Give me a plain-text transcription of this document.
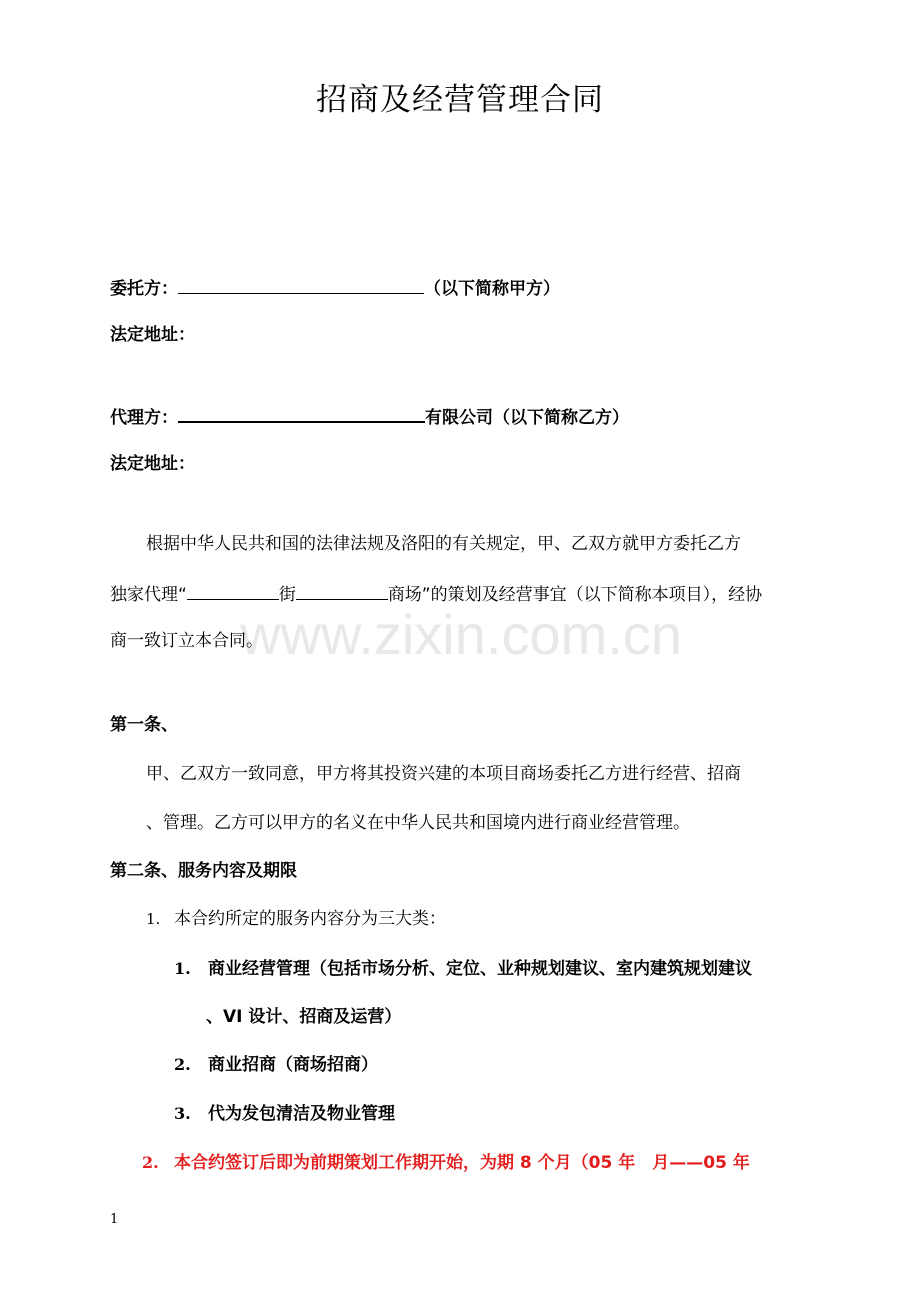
招商及经营管理合同
委托方：	（以下简称甲方）
法定地址：
代理方：	有限公司（以下简称乙方）
法定地址：
www.zixin.com.cn
根据中华人民共和国的法律法规及洛阳的有关规定，甲、乙双方就甲方委托乙方
独家代理“	街	商场”的策划及经营事宜（以下简称本项目），经协
商一致订立本合同。
第一条、
甲、乙双方一致同意，甲方将其投资兴建的本项目商场委托乙方进行经营、招商
、管理。乙方可以甲方的名义在中华人民共和国境内进行商业经营管理。
第二条、服务内容及期限
1. 本合约所定的服务内容分为三大类：
1. 商业经营管理（包括市场分析、定位、业种规划建议、室内建筑规划建议
、VI 设计、招商及运营）
2. 商业招商（商场招商）
3. 代为发包清洁及物业管理
2. 本合约签订后即为前期策划工作期开始，为期 8 个月（05 年　月——05 年
1
